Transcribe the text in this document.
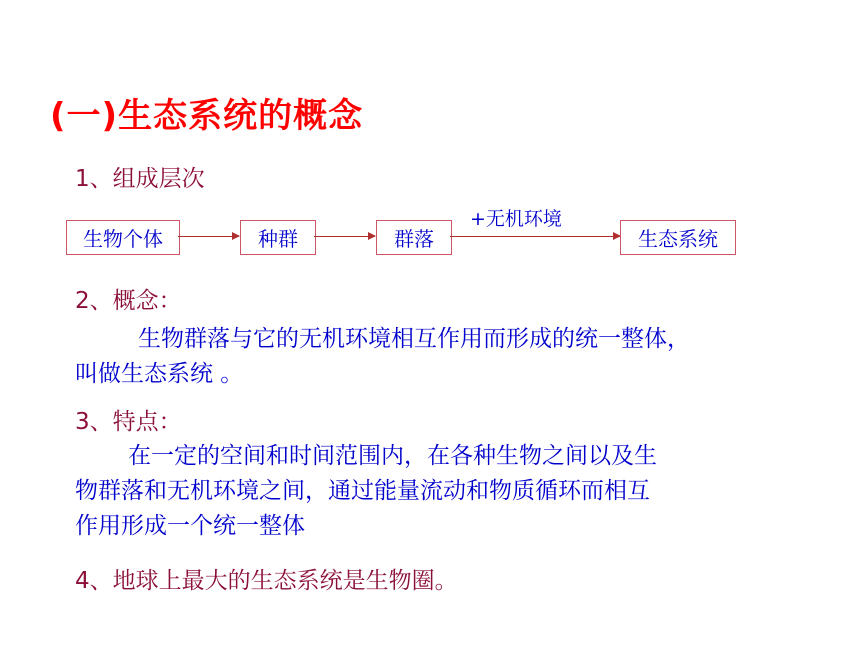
(一)生态系统的概念
1、组成层次
生物个体	种群	群落
+无机环境
生态系统
2、概念：
生物群落与它的无机环境相互作用而形成的统一整体，
叫做生态系统 。
3、特点：
在一定的空间和时间范围内，在各种生物之间以及生
物群落和无机环境之间，通过能量流动和物质循环而相互
作用形成一个统一整体
4、地球上最大的生态系统是生物圈。
